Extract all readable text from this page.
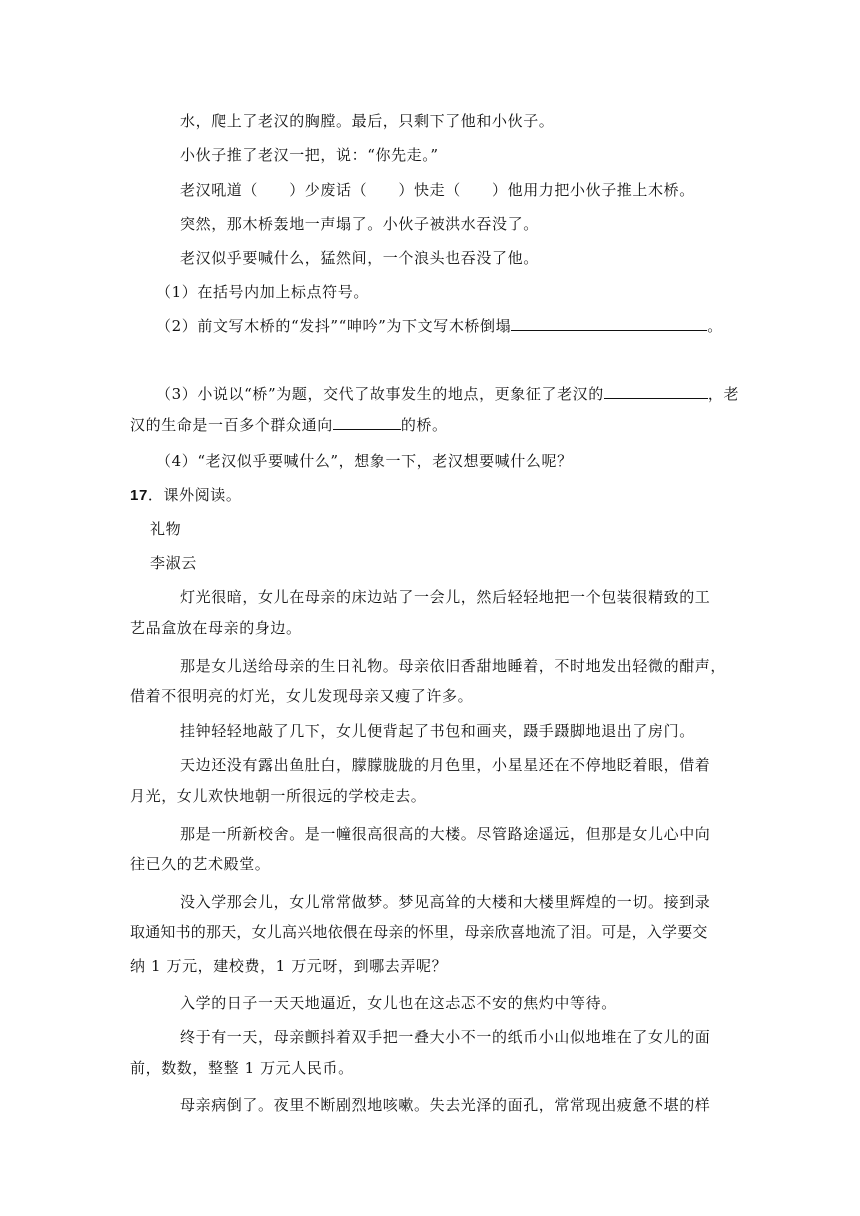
水，爬上了老汉的胸膛。最后，只剩下了他和小伙子。
小伙子推了老汉一把，说：“你先走。”
老汉吼道（　　）少废话（　　）快走（　　）他用力把小伙子推上木桥。
突然，那木桥轰地一声塌了。小伙子被洪水吞没了。
老汉似乎要喊什么，猛然间，一个浪头也吞没了他。
（1）在括号内加上标点符号。
（2）前文写木桥的“发抖”“呻吟”为下文写木桥倒塌	。
（3）小说以“桥”为题，交代了故事发生的地点，更象征了老汉的	，老
汉的生命是一百多个群众通向	的桥。
（4）“老汉似乎要喊什么”，想象一下，老汉想要喊什么呢？
17．课外阅读。
礼物
李淑云
灯光很暗，女儿在母亲的床边站了一会儿，然后轻轻地把一个包装很精致的工
艺品盒放在母亲的身边。
那是女儿送给母亲的生日礼物。母亲依旧香甜地睡着，不时地发出轻微的酣声，
借着不很明亮的灯光，女儿发现母亲又瘦了许多。
挂钟轻轻地敲了几下，女儿便背起了书包和画夹，蹑手蹑脚地退出了房门。
天边还没有露出鱼肚白，朦朦胧胧的月色里，小星星还在不停地眨着眼，借着
月光，女儿欢快地朝一所很远的学校走去。
那是一所新校舍。是一幢很高很高的大楼。尽管路途遥远，但那是女儿心中向
往已久的艺术殿堂。
没入学那会儿，女儿常常做梦。梦见高耸的大楼和大楼里辉煌的一切。接到录
取通知书的那天，女儿高兴地依偎在母亲的怀里，母亲欣喜地流了泪。可是，入学要交
纳 1 万元，建校费，1 万元呀，到哪去弄呢？
入学的日子一天天地逼近，女儿也在这忐忑不安的焦灼中等待。
终于有一天，母亲颤抖着双手把一叠大小不一的纸币小山似地堆在了女儿的面
前，数数，整整 1 万元人民币。
母亲病倒了。夜里不断剧烈地咳嗽。失去光泽的面孔，常常现出疲惫不堪的样
